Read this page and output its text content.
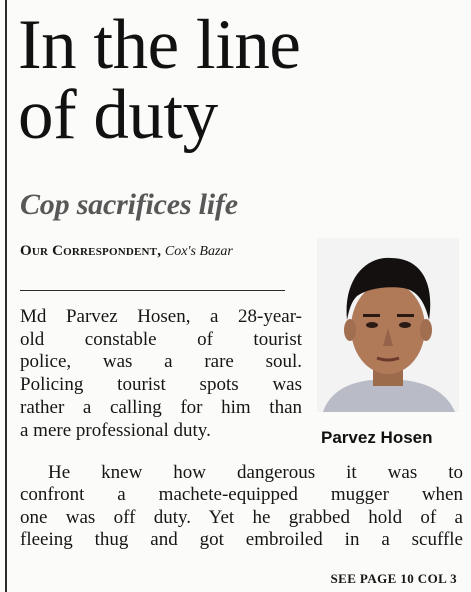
In the line
of duty
Cop sacrifices life
Our Correspondent, Cox's Bazar
Parvez Hosen
Md Parvez Hosen, a 28-year-
old constable of tourist
police, was a rare soul.
Policing tourist spots was
rather a calling for him than
a mere professional duty.
He knew how dangerous it was to
confront a machete-equipped mugger when
one was off duty. Yet he grabbed hold of a
fleeing thug and got embroiled in a scuffle
SEE PAGE 10 COL 3
